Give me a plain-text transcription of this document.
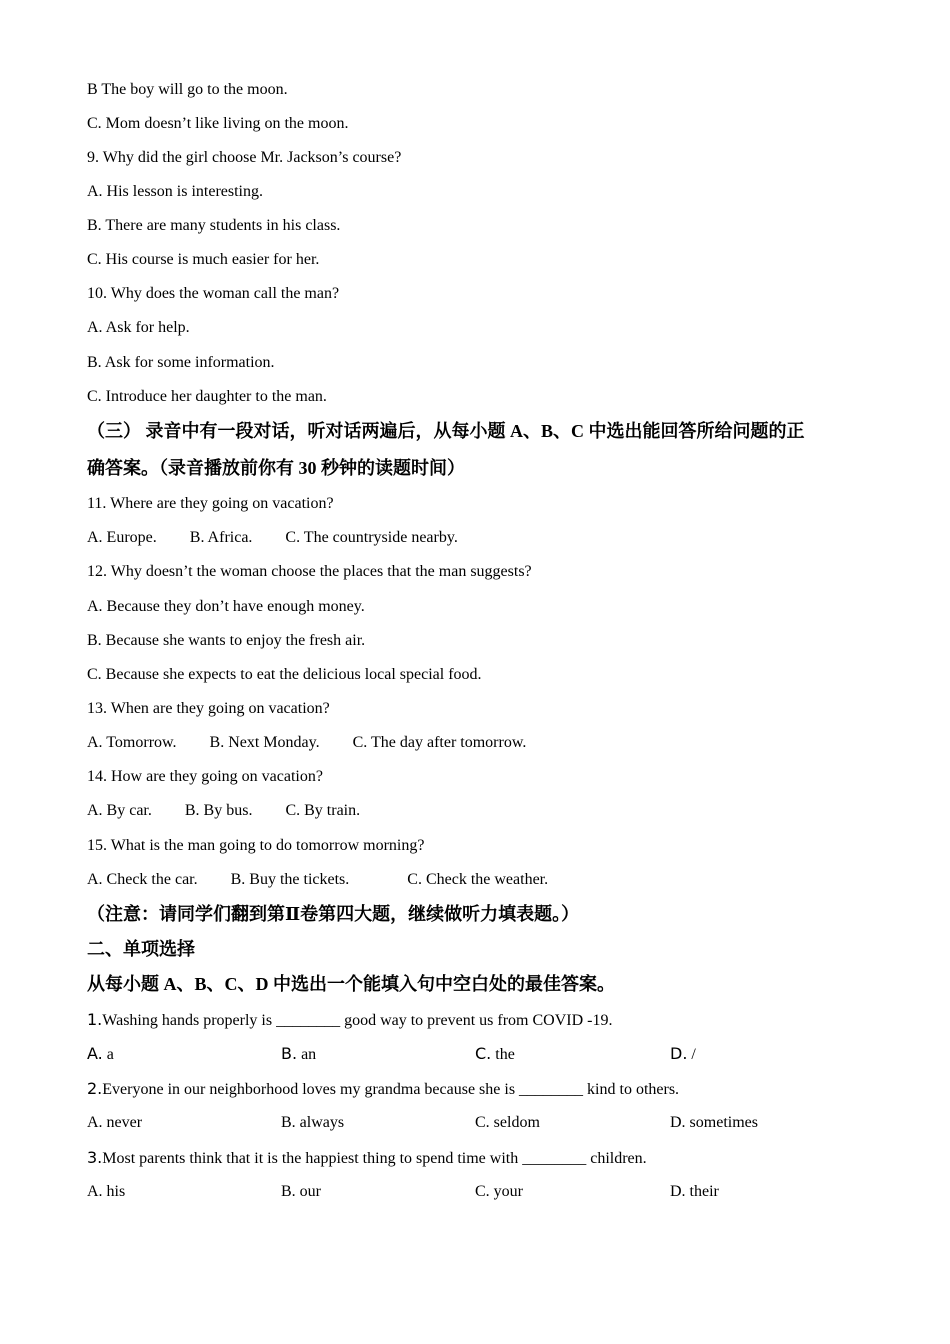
B The boy will go to the moon.
C. Mom doesn’t like living on the moon.
9. Why did the girl choose Mr. Jackson’s course?
A. His lesson is interesting.
B. There are many students in his class.
C. His course is much easier for her.
10. Why does the woman call the man?
A. Ask for help.
B. Ask for some information.
C. Introduce her daughter to the man.
（三） 录音中有一段对话，听对话两遍后，从每小题 A、B、C 中选出能回答所给问题的正
确答案。（录音播放前你有 30 秒钟的读题时间）
11. Where are they going on vacation?
A. Europe. B. Africa. C. The countryside nearby.
12. Why doesn’t the woman choose the places that the man suggests?
A. Because they don’t have enough money.
B. Because she wants to enjoy the fresh air.
C. Because she expects to eat the delicious local special food.
13. When are they going on vacation?
A. Tomorrow. B. Next Monday. C. The day after tomorrow.
14. How are they going on vacation?
A. By car. B. By bus. C. By train.
15. What is the man going to do tomorrow morning?
A. Check the car. B. Buy the tickets.	C. Check the weather.
（注意：请同学们翻到第Ⅱ卷第四大题，继续做听力填表题。）
二、单项选择
从每小题 A、B、C、D 中选出一个能填入句中空白处的最佳答案。
1.Washing hands properly is ________ good way to prevent us from COVID -19.
A. a	B. an	C. the	D. /
2.Everyone in our neighborhood loves my grandma because she is ________ kind to others.
A. never	B. always	C. seldom	D. sometimes
3.Most parents think that it is the happiest thing to spend time with ________ children.
A. his	B. our	C. your	D. their
